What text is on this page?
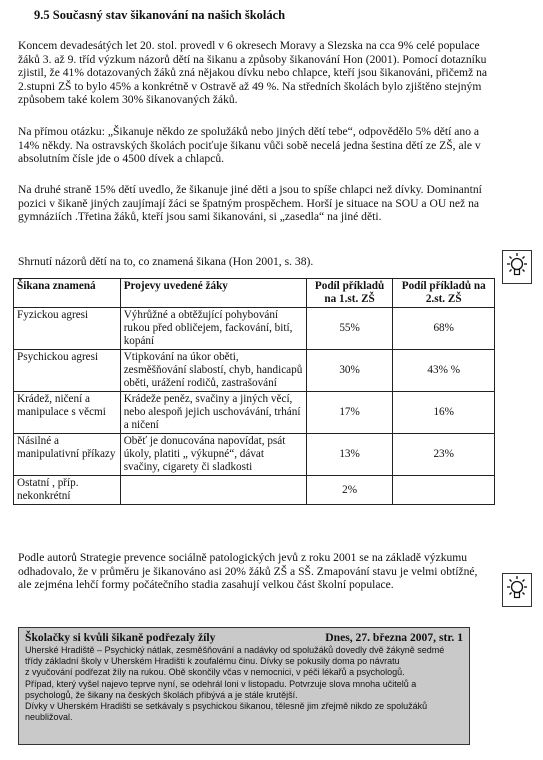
9.5 Současný stav šikanování na našich školách

Koncem devadesátých let 20. stol. provedl v 6 okresech Moravy a Slezska na cca 9% celé populace žáků 3. až 9. tříd výzkum názorů dětí na šikanu a způsoby šikanování Hon (2001). Pomocí dotazníku zjistil, že 41% dotazovaných žáků zná nějakou dívku nebo chlapce, kteří jsou šikanováni, přičemž na 2.stupni ZŠ to bylo 45% a konkrétně v Ostravě až 49 %. Na středních školách bylo zjištěno stejným způsobem také kolem 30% šikanovaných žáků.

Na přímou otázku: „Šikanuje někdo ze spolužáků nebo jiných dětí tebe“, odpovědělo 5% dětí ano a 14% někdy. Na ostravských školách pociťuje šikanu vůči sobě necelá jedna šestina dětí ze ZŠ, ale v absolutním čísle jde o 4500 dívek a chlapců.

Na druhé straně 15% dětí uvedlo, že šikanuje jiné děti a jsou to spíše chlapci než dívky. Dominantní pozici v šikaně jiných zaujímají žáci se špatným prospěchem. Horší je situace na SOU a OU než na gymnáziích .Třetina žáků, kteří jsou sami šikanováni, si „zasedla“ na jiné děti.

Shrnutí názorů dětí na to, co znamená šikana (Hon 2001, s. 38).

Šikana znamená	Projevy uvedené žáky	Podíl příkladů na 1.st. ZŠ	Podíl příkladů na 2.st. ZŠ
Fyzickou agresi	Výhrůžné a obtěžující pohybování rukou před obličejem, fackování, bití, kopání	55%	68%
Psychickou agresi	Vtipkování na úkor oběti, zesměšňování slabostí, chyb, handicapů oběti, urážení rodičů, zastrašování	30%	43% %
Krádež, ničení a manipulace s věcmi	Krádeže peněz, svačiny a jiných věcí, nebo alespoň jejich uschovávání, trhání a ničení	17%	16%
Násilné a manipulativní příkazy	Oběť je donucována napovídat, psát úkoly, platiti „ výkupné“, dávat svačiny, cigarety či sladkosti	13%	23%
Ostatní , příp. nekonkrétní		2%	

Podle autorů Strategie prevence sociálně patologických jevů z roku 2001 se na základě výzkumu odhadovalo, že v průměru je šikanováno asi 20% žáků ZŠ a SŠ. Zmapování stavu je velmi obtížné, ale zejména lehčí formy počátečního stadia zasahují velkou část školní populace.

Školačky si kvůli šikaně podřezaly žíly	Dnes, 27. března 2007, str. 1
Uherské Hradiště – Psychický nátlak, zesměšňování a nadávky od spolužáků dovedly dvě žákyně sedmé
třídy základní školy v Uherském Hradišti k zoufalému činu. Dívky se pokusily doma po návratu
z vyučování podřezat žíly na rukou. Obě skončily včas v nemocnici, v péči lékařů a psychologů.
Případ, který vyšel najevo teprve nyní, se odehrál loni v listopadu. Potvrzuje slova mnoha učitelů a
psychologů, že šikany na českých školách přibývá a je stále krutější.
Dívky v Uherském Hradišti se setkávaly s psychickou šikanou, tělesně jim zřejmě nikdo ze spolužáků
neubližoval.
